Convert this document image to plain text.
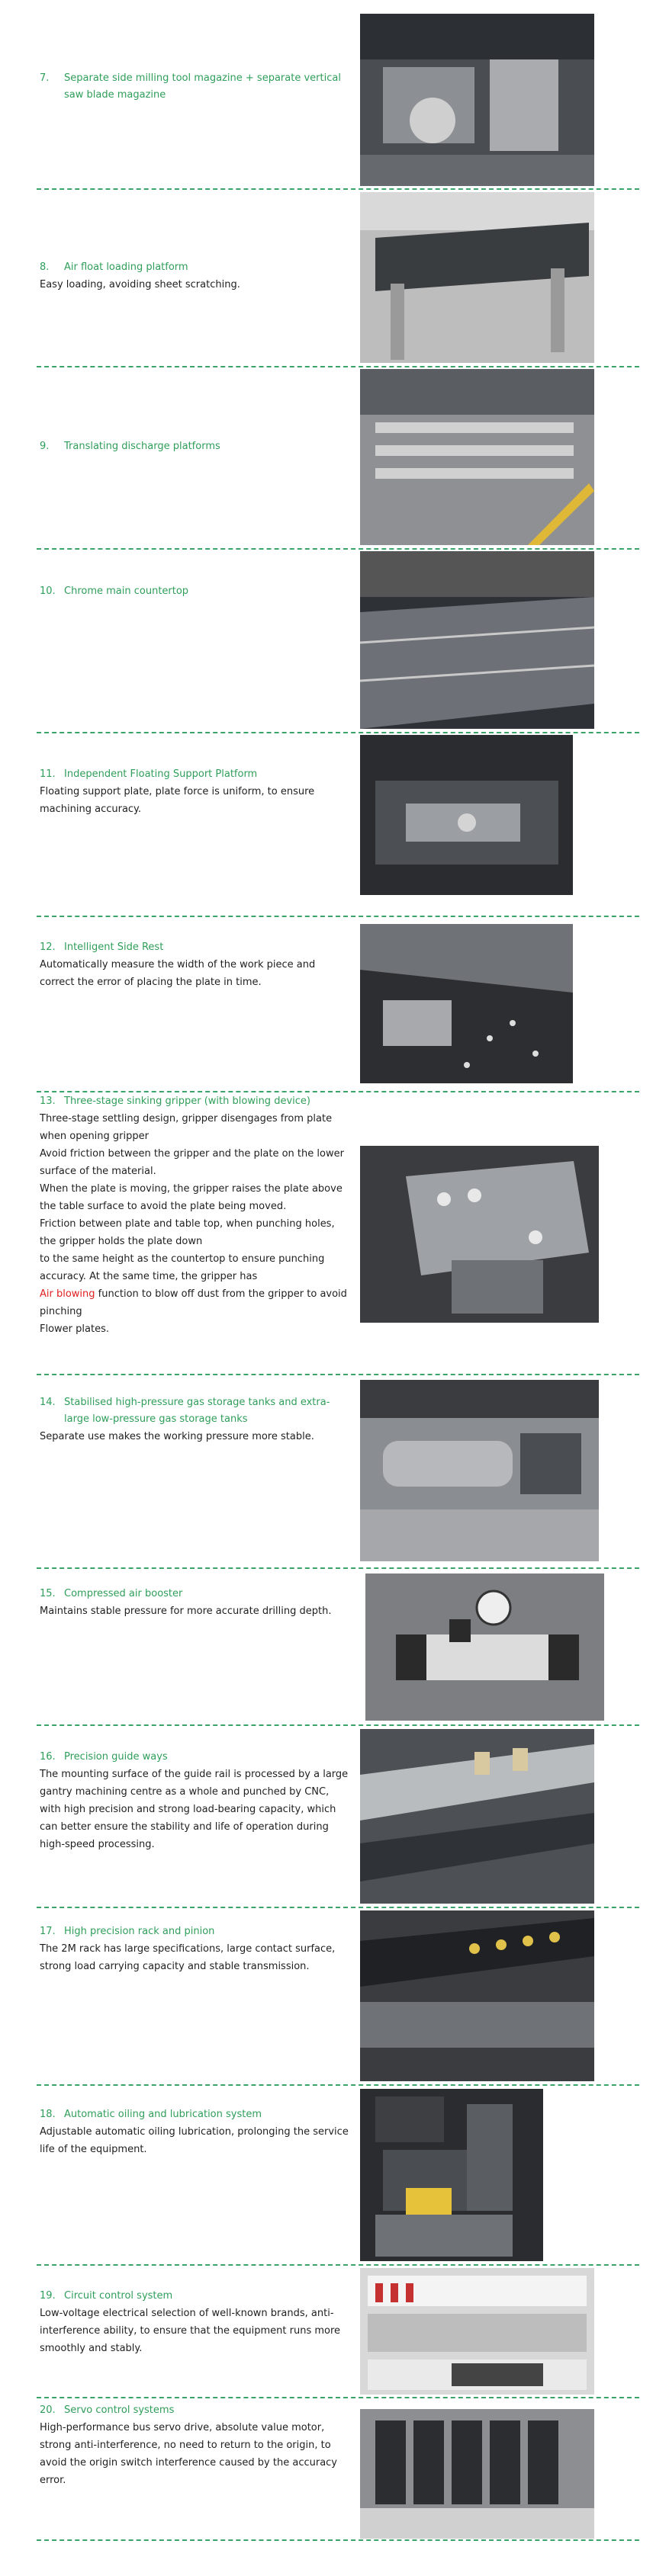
7.	Separate side milling tool magazine + separate vertical saw blade magazine
8.	Air float loading platform
Easy loading, avoiding sheet scratching.
9.	Translating discharge platforms
10. Chrome main countertop
11. Independent Floating Support Platform
Floating support plate, plate force is uniform, to ensure machining accuracy.
12. Intelligent Side Rest
Automatically measure the width of the work piece and correct the error of placing the plate in time.
13. Three-stage sinking gripper (with blowing device)
Three-stage settling design, gripper disengages from plate when opening gripper
Avoid friction between the gripper and the plate on the lower surface of the material.
When the plate is moving, the gripper raises the plate above the table surface to avoid the plate being moved.
Friction between plate and table top, when punching holes, the gripper holds the plate down
to the same height as the countertop to ensure punching accuracy. At the same time, the gripper has
Air blowing function to blow off dust from the gripper to avoid pinching
Flower plates.
14. Stabilised high-pressure gas storage tanks and extra-large low-pressure gas storage tanks
Separate use makes the working pressure more stable.
15. Compressed air booster
Maintains stable pressure for more accurate drilling depth.
16. Precision guide ways
The mounting surface of the guide rail is processed by a large gantry machining centre as a whole and punched by CNC, with high precision and strong load-bearing capacity, which can better ensure the stability and life of operation during high-speed processing.
17. High precision rack and pinion
The 2M rack has large specifications, large contact surface, strong load carrying capacity and stable transmission.
18. Automatic oiling and lubrication system
Adjustable automatic oiling lubrication, prolonging the service life of the equipment.
19. Circuit control system
Low-voltage electrical selection of well-known brands, anti-interference ability, to ensure that the equipment runs more smoothly and stably.
20. Servo control systems
High-performance bus servo drive, absolute value motor, strong anti-interference, no need to return to the origin, to avoid the origin switch interference caused by the accuracy error.
